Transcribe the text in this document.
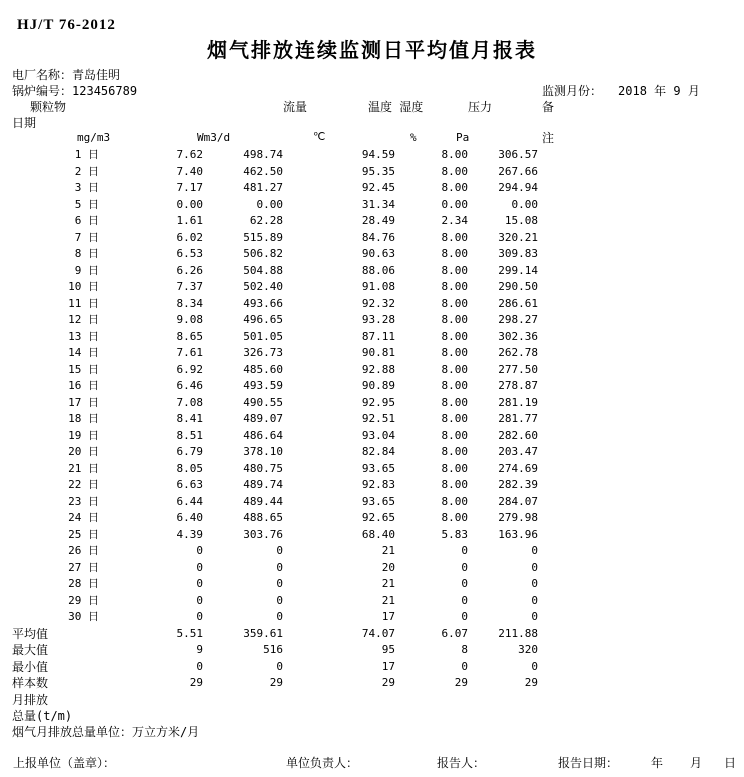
HJ/T 76-2012
烟气排放连续监测日平均值月报表
电厂名称：青岛佳明
锅炉编号：123456789	监测月份： 2018 年 9 月
颗粒物	流量	温度 湿度	压力	备
日期
mg/m3	Wm3/d	℃	%	Pa	注
1 日	7.62	498.74	94.59	8.00	306.57	
2 日	7.40	462.50	95.35	8.00	267.66	
3 日	7.17	481.27	92.45	8.00	294.94	
5 日	0.00	0.00	31.34	0.00	0.00	
6 日	1.61	62.28	28.49	2.34	15.08	
7 日	6.02	515.89	84.76	8.00	320.21	
8 日	6.53	506.82	90.63	8.00	309.83	
9 日	6.26	504.88	88.06	8.00	299.14	
10 日	7.37	502.40	91.08	8.00	290.50	
11 日	8.34	493.66	92.32	8.00	286.61	
12 日	9.08	496.65	93.28	8.00	298.27	
13 日	8.65	501.05	87.11	8.00	302.36	
14 日	7.61	326.73	90.81	8.00	262.78	
15 日	6.92	485.60	92.88	8.00	277.50	
16 日	6.46	493.59	90.89	8.00	278.87	
17 日	7.08	490.55	92.95	8.00	281.19	
18 日	8.41	489.07	92.51	8.00	281.77	
19 日	8.51	486.64	93.04	8.00	282.60	
20 日	6.79	378.10	82.84	8.00	203.47	
21 日	8.05	480.75	93.65	8.00	274.69	
22 日	6.63	489.74	92.83	8.00	282.39	
23 日	6.44	489.44	93.65	8.00	284.07	
24 日	6.40	488.65	92.65	8.00	279.98	
25 日	4.39	303.76	68.40	5.83	163.96	
26 日	0	0	21	0	0	
27 日	0	0	20	0	0	
28 日	0	0	21	0	0	
29 日	0	0	21	0	0	
30 日	0	0	17	0	0	
平均值	5.51	359.61	74.07	6.07	211.88	
最大值	9	516	95	8	320	
最小值	0	0	17	0	0	
样本数	29	29	29	29	29	
月排放						
总量(t/m)						
烟气月排放总量单位：万立方米/月
上报单位（盖章）：	单位负责人：	报告人：	报告日期：	年 月 日
